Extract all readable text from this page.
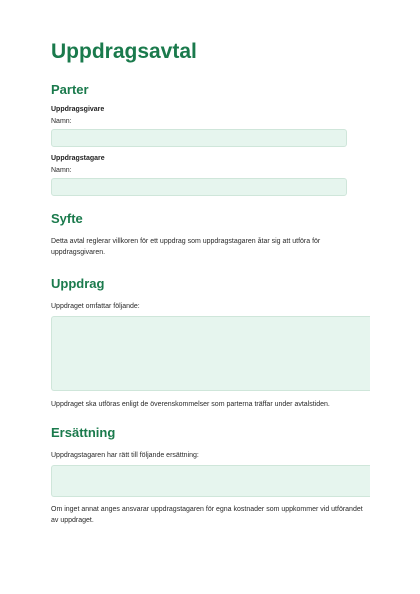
Uppdragsavtal
Parter
Uppdragsgivare
Namn:
Uppdragstagare
Namn:
Syfte
Detta avtal reglerar villkoren för ett uppdrag som uppdragstagaren åtar sig att utföra för uppdragsgivaren.
Uppdrag
Uppdraget omfattar följande:
Uppdraget ska utföras enligt de överenskommelser som parterna träffar under avtalstiden.
Ersättning
Uppdragstagaren har rätt till följande ersättning:
Om inget annat anges ansvarar uppdragstagaren för egna kostnader som uppkommer vid utförandet av uppdraget.
